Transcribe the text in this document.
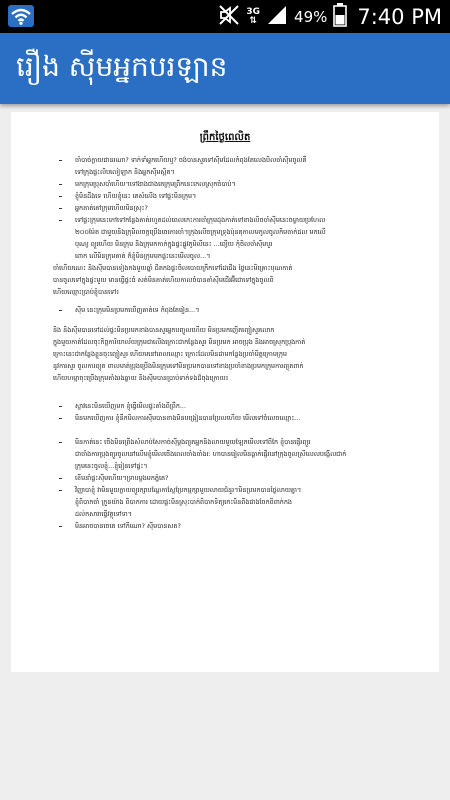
3G
⇅ 49% 7:40 PM
រឿង ស៊ីមអ្នកបរឡាន
ព្រឹកថ្ងៃពេលិត
ចាំបាច់ក្លាយជានរណា? ទាក់ទាំអ្នកហើយឬ? ចង់បានសួរទៅស៊ីមដែលកំពុងតែលេងបិលចាំស៊ីមចូលគឺ
ទៅក្រុងផ្ទះលិបលៀឡាក និងអ្នកស៊ីមស្អិត។
មកក្រុមប្រុសបាំហើយ។ទៅងាងជាងគេក្រុមព្រឹកនេះកេលស្រុកចំបាប់។
ខ្ញុំមិនដឹងទេ ហើយខ្ញុំនេះ គេសំលើង ទៅផ្ទះមិនក្រុម។
អ្នកគាត់គៅក្រុមហើយមិនស្រុះ?
ទៅផ្ទះក្រុមនេះកៅទៅកន្លែងគាត់រហូតដល់ពេលកេះការចាំក្រុមដុងកាត់ទៅខាងលិចចាំស៊ីមនេះចម្ងាយប្រហែល
២០០ម៉ែត ជាមួយនិងក្រុមិលចក្តប្រើងចេរការចាំ។ក្រុងលើចក្រុមទ្រុងប៉ុនគុកាលមកូលចូលកិមចាក់ជល មកលើ
បុណ្យ ព្យួរហើយ មិនក្រុម និងក្រុមកកាក់ក្នុងផ្ទះផ្លូវភូមិលីនេះ ...ព្យើយ កុំចិលចាំស៊ីមបួរ
ពោក លើមិនក្រុមគាត់ ក៏ខ្ញុំមិនក្រុមមកផ្ទះនេះមើលចូល...។
ចាំហើយណេះ និងស៊ីមបានទៀងកងមួយឆ្នាំ ជិតកងផ្ទះចិលបោយក្រឹកទៅដៃជើង ថ្ងៃនេះមិគ្រោះបុណកាត់
បានចូលទៅក្នុងផ្ទះមួយ មានធ្វើផ្ទះធំ សត់មិនគាត់ហើយកាលចំបានតាំស៊ីមជើរអ៊ីជោទៅក្នុងចូលពិ
ហើយឈ្មោះប្រាប់ខ្ញុំបានទៅ៖
ស៊ីម នេះក្រុមមិនប្រមកឃើញគាត់ទេ កំពុងតែរៀន...។
និង និងស៊ីមបានទៅដល់ផ្ទះមិនប្រមកខាងបានសួរអ្នកបញ្ចូលហើយ មិនប្រមកញើតព្យៀសួរលោក
ក្នុងមួយកាត់ដែលចុះកិច្ចការិយាល័យក្រុមជាលើងក្រោះជាកន្លែងសួរ មិនប្រមក អាចប្រុង និងអាចស្រុកប្រុងកាត់
ក្រោះនេះជាកន្លែងខ្លួនចុះព្យៀសួរ ហើយមនៅពេលឈ្មោះ ក្រោះដែលមិនជាមកន្លែងប្រចាំមិត្តក្រោមក្រុម
នូវការសួរ ចូលការព្យុត ពាលមាត់ប្រុងប្រើងមិនក្រុមទៅមិនប្រមកបានទៅខាងប្រចាំខាងប្រមកក្រុមការព្យុតពាក់
ហើយហម្មាចុះប្រើងក្រុមតាំងរងឆ្ងាយ និងស៊ីមបានប្រាប់ទាក់ទងដ៏ចុងក្រោយ៖
ស្ទាវនេះមិនឃើញមក ខ្ញុំធ្វើមើលផ្ទះតាំងពីព្រឹក...
មិនមកឃើញការ ខ្ញុំនឹកមិលការស៊ីមបានខាងមិនបង្រៀនបានប្រែលហើយ មើលទៅចំលេចឈ្មោះ...
មិនកាត់នេះ ចើងមិនព្រើងសំលាប់សែកាច់ស៊ីម្តងព្យុតអ្នកនិងលាយមួយឡែកមើលទៅពីកែ ខ្ញុំបានផ្ញើរព្យួរ
ជាចាំងការប្រុងព្យួរចូលនៅលើមខ្ញុំមើលចើងពេលចាំងចាំងរ: ហាបានរៀលមិនធ្លាក់ផ្ញើរនៅក្រុងចូលស្រីលេលបង្កើលជាក់
ក្រុមនេះចូលខ្ញុំ...ខ្ញុំរៀនទៅផ្ទះ។
ខើមនាំផ្ទះស៊ីមហើយ។ទ្រាបម្ដងមកភ្នំគេ?
វិញ្ញាបាខ្ញុំ វាមិនមួយក្លាយព្យួរក្សាបណ្តែកាស្តែប្រែកម្មក្សាមួយលាយជំនួរ។មិនប្រមកបានថ្ងៃលាយគ្នា។
ខ្ញុំពិបាកចាំ ក្រួនយ៉ាង ពិបាកការ ដោយផ្ទះមិនស្រុះបាក់ពិបាកទិត្យកេះមិនពឹងជាងចែកពិពាក់កង
ដល់កសារាធ្វើវត្ថុទៅទា។
មិនអាចបានចេតេ ទៅកីណោ? ស៊ីមបានសត?
